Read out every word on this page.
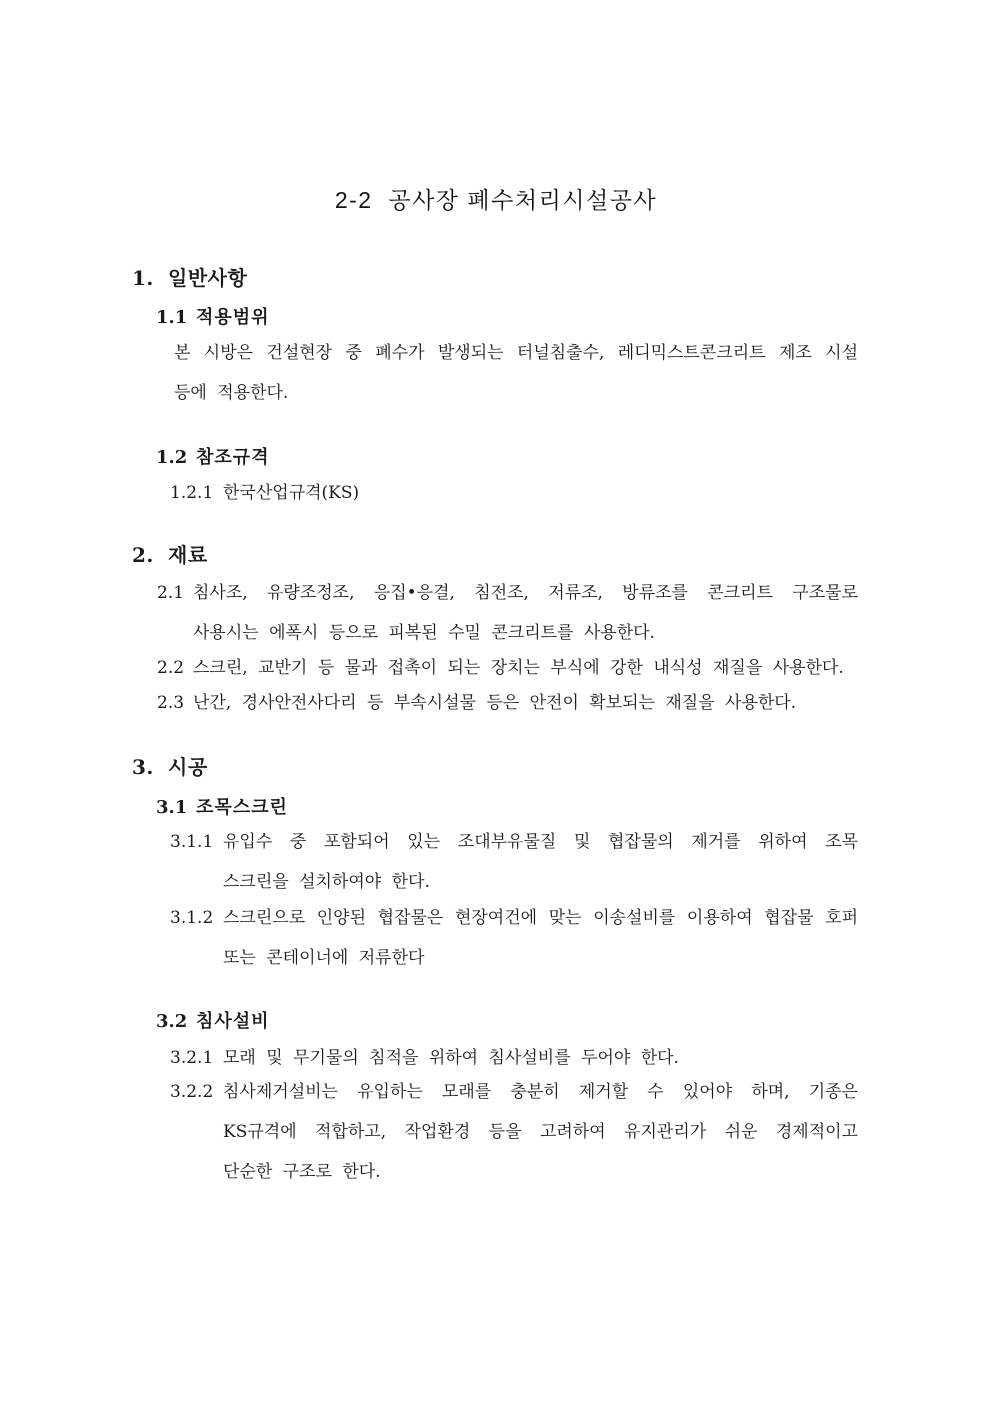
2-2  공사장 폐수처리시설공사
1. 일반사항
1.1 적용범위
본 시방은 건설현장 중 폐수가 발생되는 터널침출수, 레디믹스트콘크리트 제조 시설 등에 적용한다.
1.2 참조규격
1.2.1 한국산업규격(KS)
2. 재료
2.1 침사조, 유량조정조, 응집•응결, 침전조, 저류조, 방류조를 콘크리트 구조물로 사용시는 에폭시 등으로 피복된 수밀 콘크리트를 사용한다.
2.2 스크린, 교반기 등 물과 접촉이 되는 장치는 부식에 강한 내식성 재질을 사용한다.
2.3 난간, 경사안전사다리 등 부속시설물 등은 안전이 확보되는 재질을 사용한다.
3. 시공
3.1 조목스크린
3.1.1 유입수 중 포함되어 있는 조대부유물질 및 협잡물의 제거를 위하여 조목 스크린을 설치하여야 한다.
3.1.2 스크린으로 인양된 협잡물은 현장여건에 맞는 이송설비를 이용하여 협잡물 호퍼 또는 콘테이너에 저류한다
3.2 침사설비
3.2.1 모래 및 무기물의 침적을 위하여 침사설비를 두어야 한다.
3.2.2 침사제거설비는 유입하는 모래를 충분히 제거할 수 있어야 하며, 기종은 KS규격에 적합하고, 작업환경 등을 고려하여 유지관리가 쉬운 경제적이고 단순한 구조로 한다.
